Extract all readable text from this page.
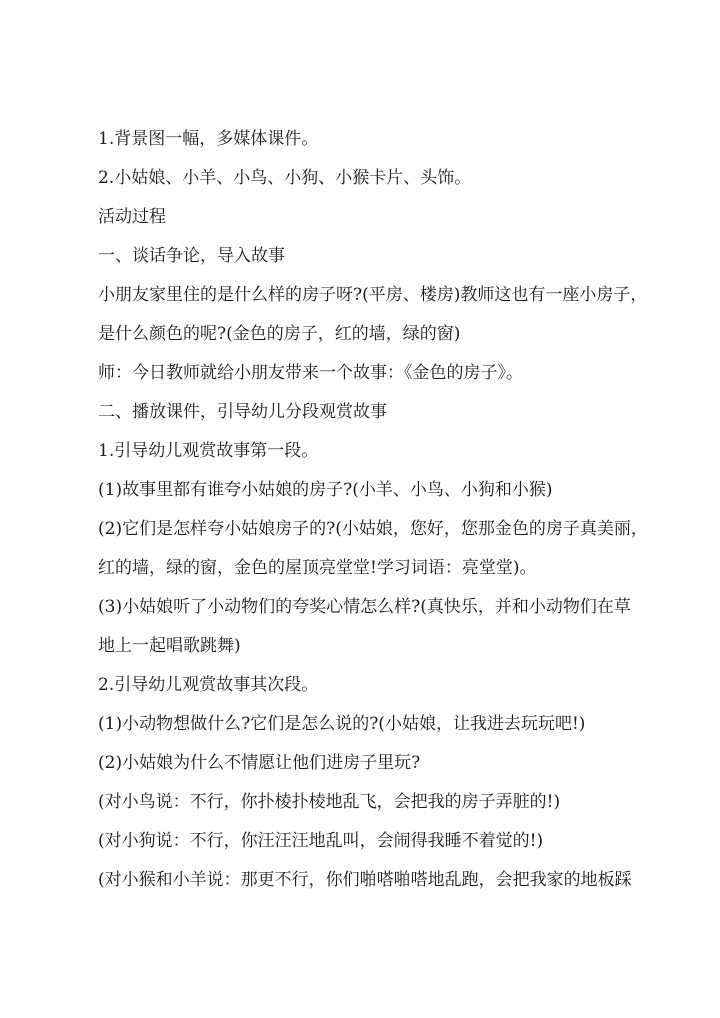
1.背景图一幅，多媒体课件。
2.小姑娘、小羊、小鸟、小狗、小猴卡片、头饰。
活动过程
一、谈话争论，导入故事
小朋友家里住的是什么样的房子呀?(平房、楼房)教师这也有一座小房子，
是什么颜色的呢?(金色的房子，红的墙，绿的窗)
师：今日教师就给小朋友带来一个故事：《金色的房子》。
二、播放课件，引导幼儿分段观赏故事
1.引导幼儿观赏故事第一段。
(1)故事里都有谁夸小姑娘的房子?(小羊、小鸟、小狗和小猴)
(2)它们是怎样夸小姑娘房子的?(小姑娘，您好，您那金色的房子真美丽，
红的墙，绿的窗，金色的屋顶亮堂堂!学习词语：亮堂堂)。
(3)小姑娘听了小动物们的夸奖心情怎么样?(真快乐，并和小动物们在草
地上一起唱歌跳舞)
2.引导幼儿观赏故事其次段。
(1)小动物想做什么?它们是怎么说的?(小姑娘，让我进去玩玩吧!)
(2)小姑娘为什么不情愿让他们进房子里玩?
(对小鸟说：不行，你扑棱扑棱地乱飞，会把我的房子弄脏的!)
(对小狗说：不行，你汪汪汪地乱叫，会闹得我睡不着觉的!)
(对小猴和小羊说：那更不行，你们啪嗒啪嗒地乱跑，会把我家的地板踩
